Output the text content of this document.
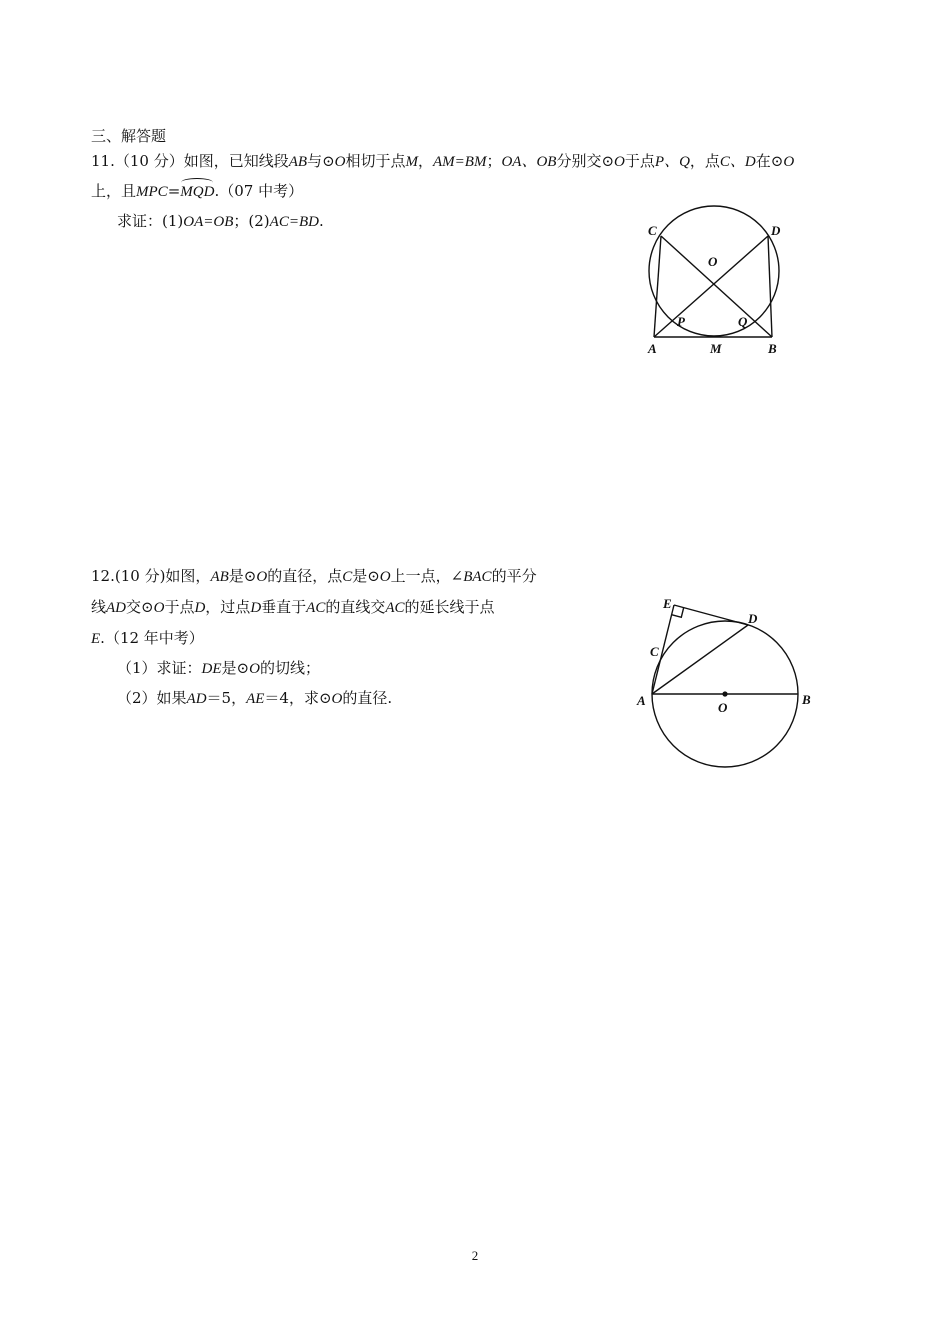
三、解答题
11.（10 分）如图，已知线段AB与⊙O相切于点M，AM=BM；OA、OB分别交⊙O于点P、Q，点C、D在⊙O
上，且MPC=MQD.（07 中考）
求证：(1)OA=OB；(2)AC=BD.
C	D
O
P	Q
A	M	B
12.(10 分)如图，AB是⊙O的直径，点C是⊙O上一点，∠BAC的平分
线AD交⊙O于点D，过点D垂直于AC的直线交AC的延长线于点
E.（12 年中考）
（1）求证：DE是⊙O的切线；
（2）如果AD＝5，AE＝4，求⊙O的直径.
E
D
C
A	O
B
2
